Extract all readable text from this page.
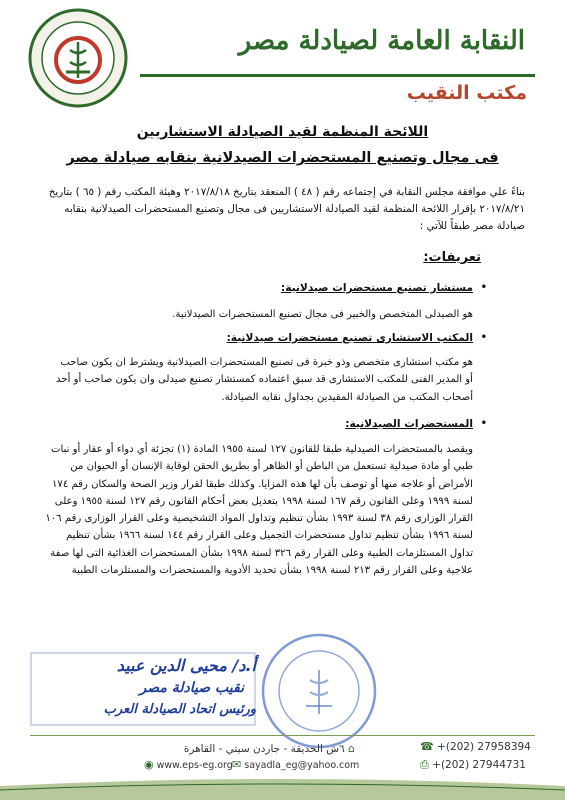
النقابة العامة لصيادلة مصر
مكتب النقيب
اللائحة المنظمة لقيد الصيادلة الاستشاريين
فى مجال وتصنيع المستحضرات الصيدلانية بنقابه صيادلة مصر
بناءً علي موافقة مجلس النقابة في إجتماعه رقم ( ٤٨ ) المنعقد بتاريخ ٢٠١٧/٨/١٨ وهيئة المكتب رقم ( ٦٥ ) بتاريخ ٢٠١٧/٨/٢١ بإقرار اللائحة المنظمة لقيد الصيادلة الاستشاريين فى مجال وتصنيع المستحضرات الصيدلانية بنقابه صيادلة مصر طبقاً للآتي :
تعريفات:
•
مستشار تصنيع مستحضرات صيدلانية:
هو الصيدلى المتخصص والخبير فى مجال تصنيع المستحضرات الصيدلانية.
•
المكتب الاستشارى تصنيع مستحضرات صيدلانية:
هو مكتب استشارى متخصص وذو خبرة فى تصنيع المستحضرات الصيدلانية ويشترط ان يكون صاحب أو المدير الفنى للمكتب الاستشارى قد سبق اعتماده كمستشار تصنيع صيدلى وان يكون صاحب أو أحد أصحاب المكتب من الصيادلة المقيدين بجداول نقابه الصيادلة.
•
المستحضرات الصيدلانية:
ويقصد بالمستحضرات الصيدلية طبقا للقانون ١٢٧ لسنة ١٩٥٥ المادة (١) تجزئة أي دواء أو عقار أو نبات طبي أو مادة صيدلية تستعمل من الباطن أو الظاهر أو بطريق الحقن لوقاية الإنسان أو الحيوان من الأمراض أو علاجه منها أو توصف بأن لها هذه المزايا. وكذلك طبقا لقرار وزير الصحة والسكان رقم ١٧٤ لسنة ١٩٩٩ وعلى القانون رقم ١٦٧ لسنة ١٩٩٨ بتعديل بعض أحكام القانون رقم ١٢٧ لسنة ١٩٥٥ وعلى القرار الوزارى رقم ٣٨ لسنة ١٩٩٣ بشأن تنظيم وتداول المواد التشخيصية وعلى القرار الوزارى رقم ١٠٦ لسنة ١٩٩٦ بشأن تنظيم تداول مستحضرات التجميل وعلى القرار رقم ١٤٤ لسنة ١٩٦٦ بشأن تنظيم تداول المستلزمات الطبية وعلى القرار رقم ٣٢٦ لسنة ١٩٩٨ بشأن المستحضرات الغذائية التى لها صفة علاجية وعلى القرار رقم ٢١٣ لسنة ١٩٩٨ بشأن تحديد الأدوية والمستحضرات والمستلزمات الطبية
أ.د/ محيى الدين عبيد
نقيب صيادلة مصر
ورئيس اتحاد الصيادلة العرب
⌂ ٦ش الحديقة - جاردن سيتي - القاهرة
◉ www.eps-eg.org ✉ sayadla_eg@yahoo.com
☎ +(202) 27958394
⎙ +(202) 27944731
